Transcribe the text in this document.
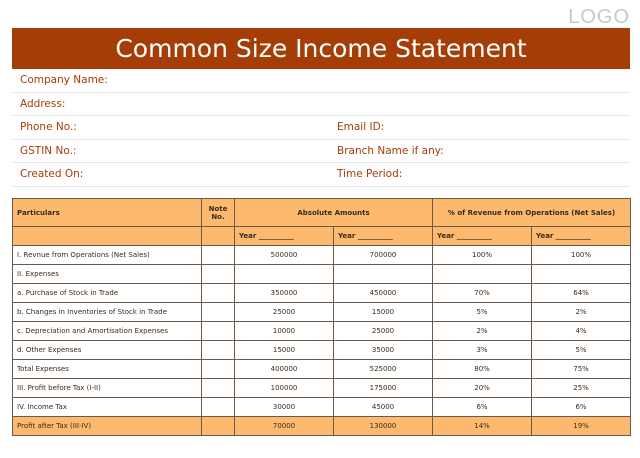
LOGO
Common Size Income Statement
Company Name:
Address:
Phone No.:	Email ID:
GSTIN No.:	Branch Name if any:
Created On:	Time Period:
Particulars	Note No.	Absolute Amounts		% of Revenue from Operations (Net Sales)	
		Year __________	Year __________	Year __________	Year __________
I. Revnue from Operations (Net Sales)		500000	700000	100%	100%
II. Expenses					
a. Purchase of Stock in Trade		350000	450000	70%	64%
b. Changes in Inventories of Stock in Trade		25000	15000	5%	2%
c. Depreciation and Amortisation Expenses		10000	25000	2%	4%
d. Other Expenses		15000	35000	3%	5%
Total Expenses		400000	525000	80%	75%
III. Profit before Tax (I-II)		100000	175000	20%	25%
IV. Income Tax		30000	45000	6%	6%
Profit after Tax (III-IV)		70000	130000	14%	19%
